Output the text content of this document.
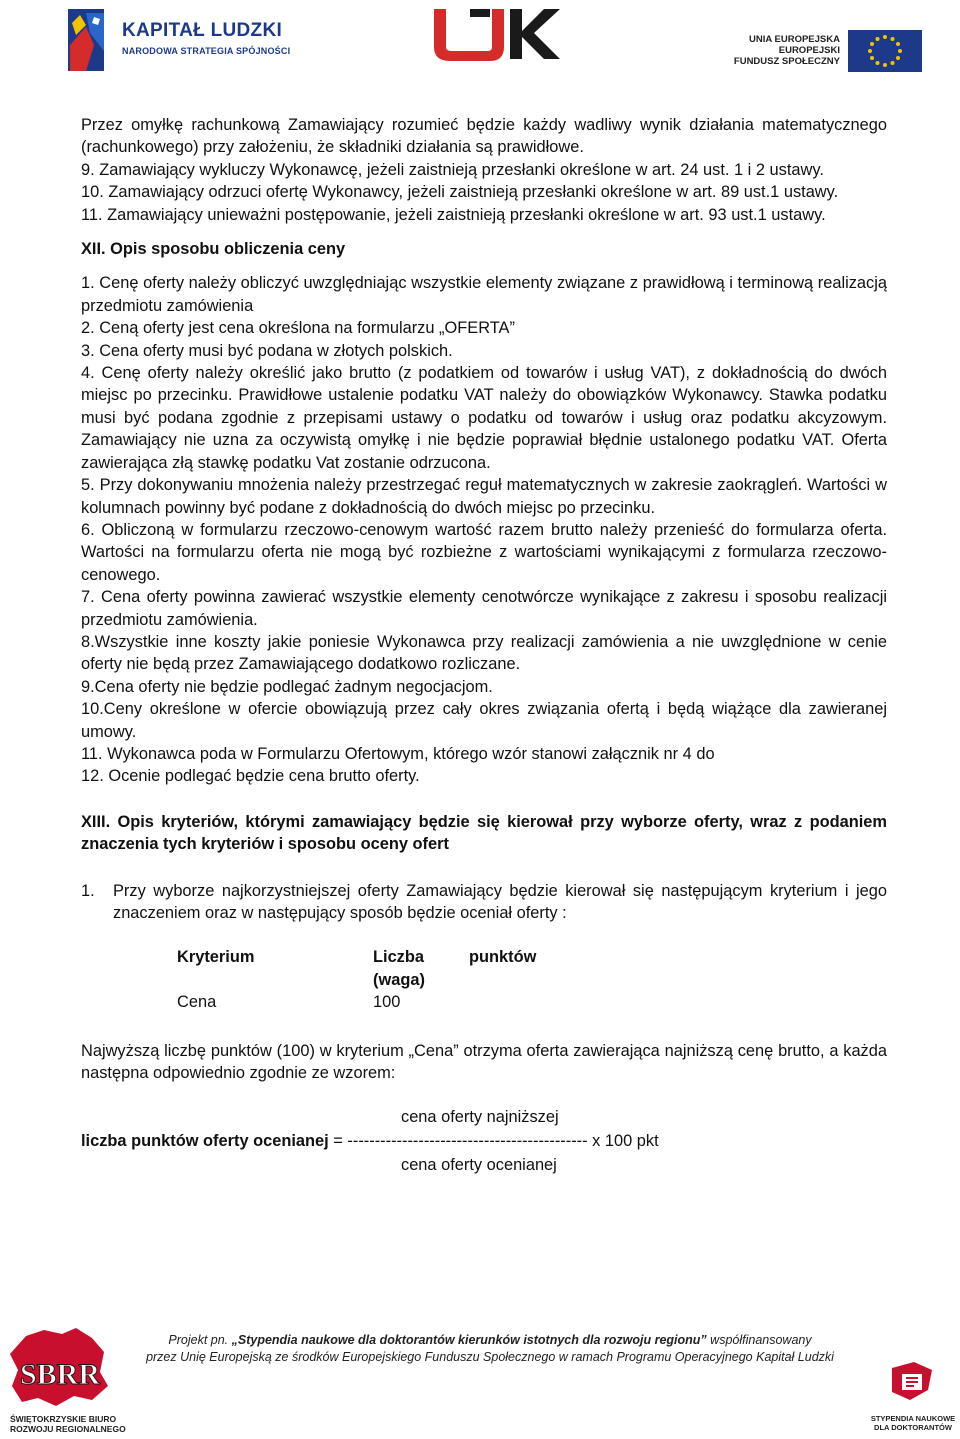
KAPITAŁ LUDZKI
NARODOWA STRATEGIA SPÓJNOŚCI
UNIA EUROPEJSKA
EUROPEJSKI
FUNDUSZ SPOŁECZNY

Przez omyłkę rachunkową Zamawiający rozumieć będzie każdy wadliwy wynik działania matematycznego (rachunkowego) przy założeniu, że składniki działania są prawidłowe.

9. Zamawiający wykluczy Wykonawcę, jeżeli zaistnieją przesłanki określone w art. 24 ust. 1 i 2 ustawy.

10. Zamawiający odrzuci ofertę Wykonawcy, jeżeli zaistnieją przesłanki określone w art. 89 ust.1 ustawy.

11. Zamawiający unieważni postępowanie, jeżeli zaistnieją przesłanki określone w art. 93 ust.1 ustawy.

XII. Opis sposobu obliczenia ceny

1. Cenę oferty należy obliczyć uwzględniając wszystkie elementy związane z prawidłową i terminową realizacją przedmiotu zamówienia

2. Ceną oferty jest cena określona na formularzu „OFERTA”

3. Cena oferty musi być podana w złotych polskich.

4. Cenę oferty należy określić jako brutto (z podatkiem od towarów i usług VAT), z dokładnością do dwóch miejsc po przecinku. Prawidłowe ustalenie podatku VAT należy do obowiązków Wykonawcy. Stawka podatku musi być podana zgodnie z przepisami ustawy o podatku od towarów i usług oraz podatku akcyzowym. Zamawiający nie uzna za oczywistą omyłkę i nie będzie poprawiał błędnie ustalonego podatku VAT. Oferta zawierająca złą stawkę podatku Vat zostanie odrzucona.

5. Przy dokonywaniu mnożenia należy przestrzegać reguł matematycznych w zakresie zaokrągleń. Wartości w kolumnach powinny być podane z dokładnością do dwóch miejsc po przecinku.

6. Obliczoną w formularzu rzeczowo-cenowym wartość razem brutto należy przenieść do formularza oferta. Wartości na formularzu oferta nie mogą być rozbieżne z wartościami wynikającymi z formularza rzeczowo-cenowego.

7. Cena oferty powinna zawierać wszystkie elementy cenotwórcze wynikające z zakresu i sposobu realizacji przedmiotu zamówienia.

8.Wszystkie inne koszty jakie poniesie Wykonawca przy realizacji zamówienia a nie uwzględnione w cenie oferty nie będą przez Zamawiającego dodatkowo rozliczane.

9.Cena oferty nie będzie podlegać żadnym negocjacjom.

10.Ceny określone w ofercie obowiązują przez cały okres związania ofertą i będą wiążące dla zawieranej umowy.

11. Wykonawca poda w Formularzu Ofertowym, którego wzór stanowi załącznik nr 4 do

12. Ocenie podlegać będzie cena brutto oferty.

XIII. Opis kryteriów, którymi zamawiający będzie się kierował przy wyborze oferty, wraz z podaniem znaczenia tych kryteriów i sposobu oceny ofert

1.	Przy wyborze najkorzystniejszej oferty Zamawiający będzie kierował się następującym kryterium i jego znaczeniem oraz w następujący sposób będzie oceniał oferty :
Kryterium	Liczba (waga)	punktów
Cena	100	

Najwyższą liczbę punktów (100) w kryterium „Cena” otrzyma oferta zawierająca najniższą cenę brutto, a każda następna odpowiednio zgodnie ze wzorem:

cena oferty najniższej
liczba punktów oferty ocenianej = -------------------------------------------- x 100 pkt
cena oferty ocenianej
SBRR
ŚWIĘTOKRZYSKIE BIURO
ROZWOJU REGIONALNEGO
Projekt pn. „Stypendia naukowe dla doktorantów kierunków istotnych dla rozwoju regionu” współfinansowany
przez Unię Europejską ze środków Europejskiego Funduszu Społecznego w ramach Programu Operacyjnego Kapitał Ludzki
STYPENDIA NAUKOWE
DLA DOKTORANTÓW
